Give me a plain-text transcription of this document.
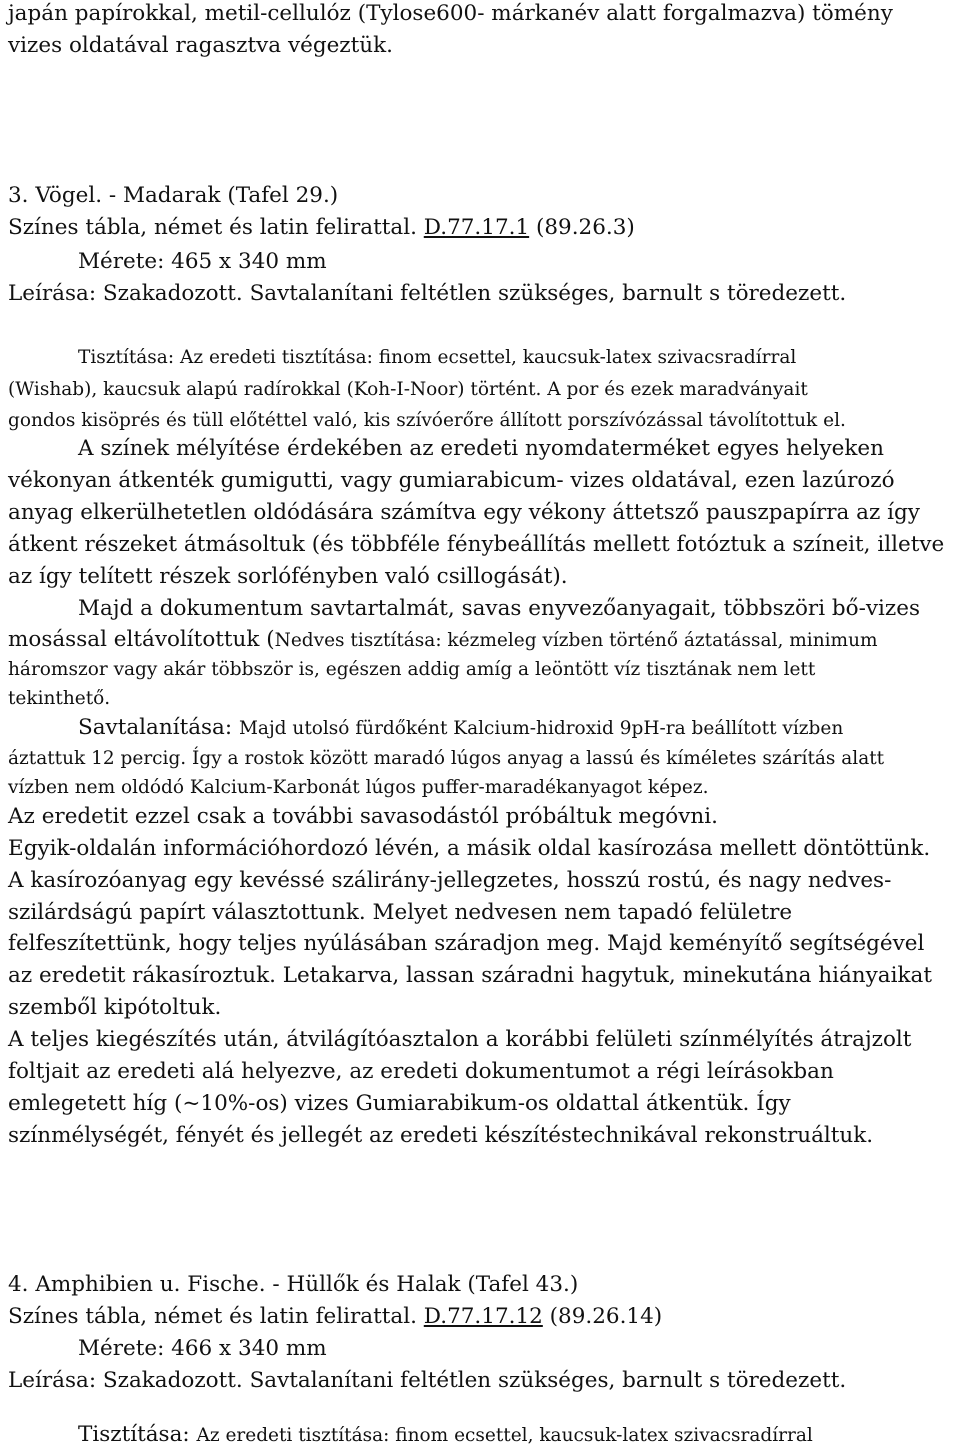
japán papírokkal, metil-cellulóz (Tylose600- márkanév alatt forgalmazva) tömény
vizes oldatával ragasztva végeztük.
3. Vögel. - Madarak (Tafel 29.)
Színes tábla, német és latin felirattal. D.77.17.1 (89.26.3)
Mérete: 465 x 340 mm
Leírása: Szakadozott. Savtalanítani feltétlen szükséges, barnult s töredezett.
Tisztítása: Az eredeti tisztítása: finom ecsettel, kaucsuk-latex szivacsradírral
(Wishab), kaucsuk alapú radírokkal (Koh-I-Noor) történt. A por és ezek maradványait
gondos kisöprés és tüll előtéttel való, kis szívóerőre állított porszívózással távolítottuk el.
A színek mélyítése érdekében az eredeti nyomdaterméket egyes helyeken
vékonyan átkenték gumigutti, vagy gumiarabicum- vizes oldatával, ezen lazúrozó
anyag elkerülhetetlen oldódására számítva egy vékony áttetsző pauszpapírra az így
átkent részeket átmásoltuk (és többféle fénybeállítás mellett fotóztuk a színeit, illetve
az így telített részek sorlófényben való csillogását).
Majd a dokumentum savtartalmát, savas enyvezőanyagait, többszöri bő-vizes
mosással eltávolítottuk (Nedves tisztítása: kézmeleg vízben történő áztatással, minimum
háromszor vagy akár többször is, egészen addig amíg a leöntött víz tisztának nem lett
tekinthető.
Savtalanítása: Majd utolsó fürdőként Kalcium-hidroxid 9pH-ra beállított vízben
áztattuk 12 percig. Így a rostok között maradó lúgos anyag a lassú és kíméletes szárítás alatt
vízben nem oldódó Kalcium-Karbonát lúgos puffer-maradékanyagot képez.
Az eredetit ezzel csak a további savasodástól próbáltuk megóvni.
Egyik-oldalán információhordozó lévén, a másik oldal kasírozása mellett döntöttünk.
A kasírozóanyag egy kevéssé szálirány-jellegzetes, hosszú rostú, és nagy nedves-
szilárdságú papírt választottunk. Melyet nedvesen nem tapadó felületre
felfeszítettünk, hogy teljes nyúlásában száradjon meg. Majd keményítő segítségével
az eredetit rákasíroztuk. Letakarva, lassan száradni hagytuk, minekutána hiányaikat
szemből kipótoltuk.
A teljes kiegészítés után, átvilágítóasztalon a korábbi felületi színmélyítés átrajzolt
foltjait az eredeti alá helyezve, az eredeti dokumentumot a régi leírásokban
emlegetett híg (~10%-os) vizes Gumiarabikum-os oldattal átkentük. Így
színmélységét, fényét és jellegét az eredeti készítéstechnikával rekonstruáltuk.
4. Amphibien u. Fische. - Hüllők és Halak (Tafel 43.)
Színes tábla, német és latin felirattal. D.77.17.12 (89.26.14)
Mérete: 466 x 340 mm
Leírása: Szakadozott. Savtalanítani feltétlen szükséges, barnult s töredezett.
Tisztítása: Az eredeti tisztítása: finom ecsettel, kaucsuk-latex szivacsradírral
